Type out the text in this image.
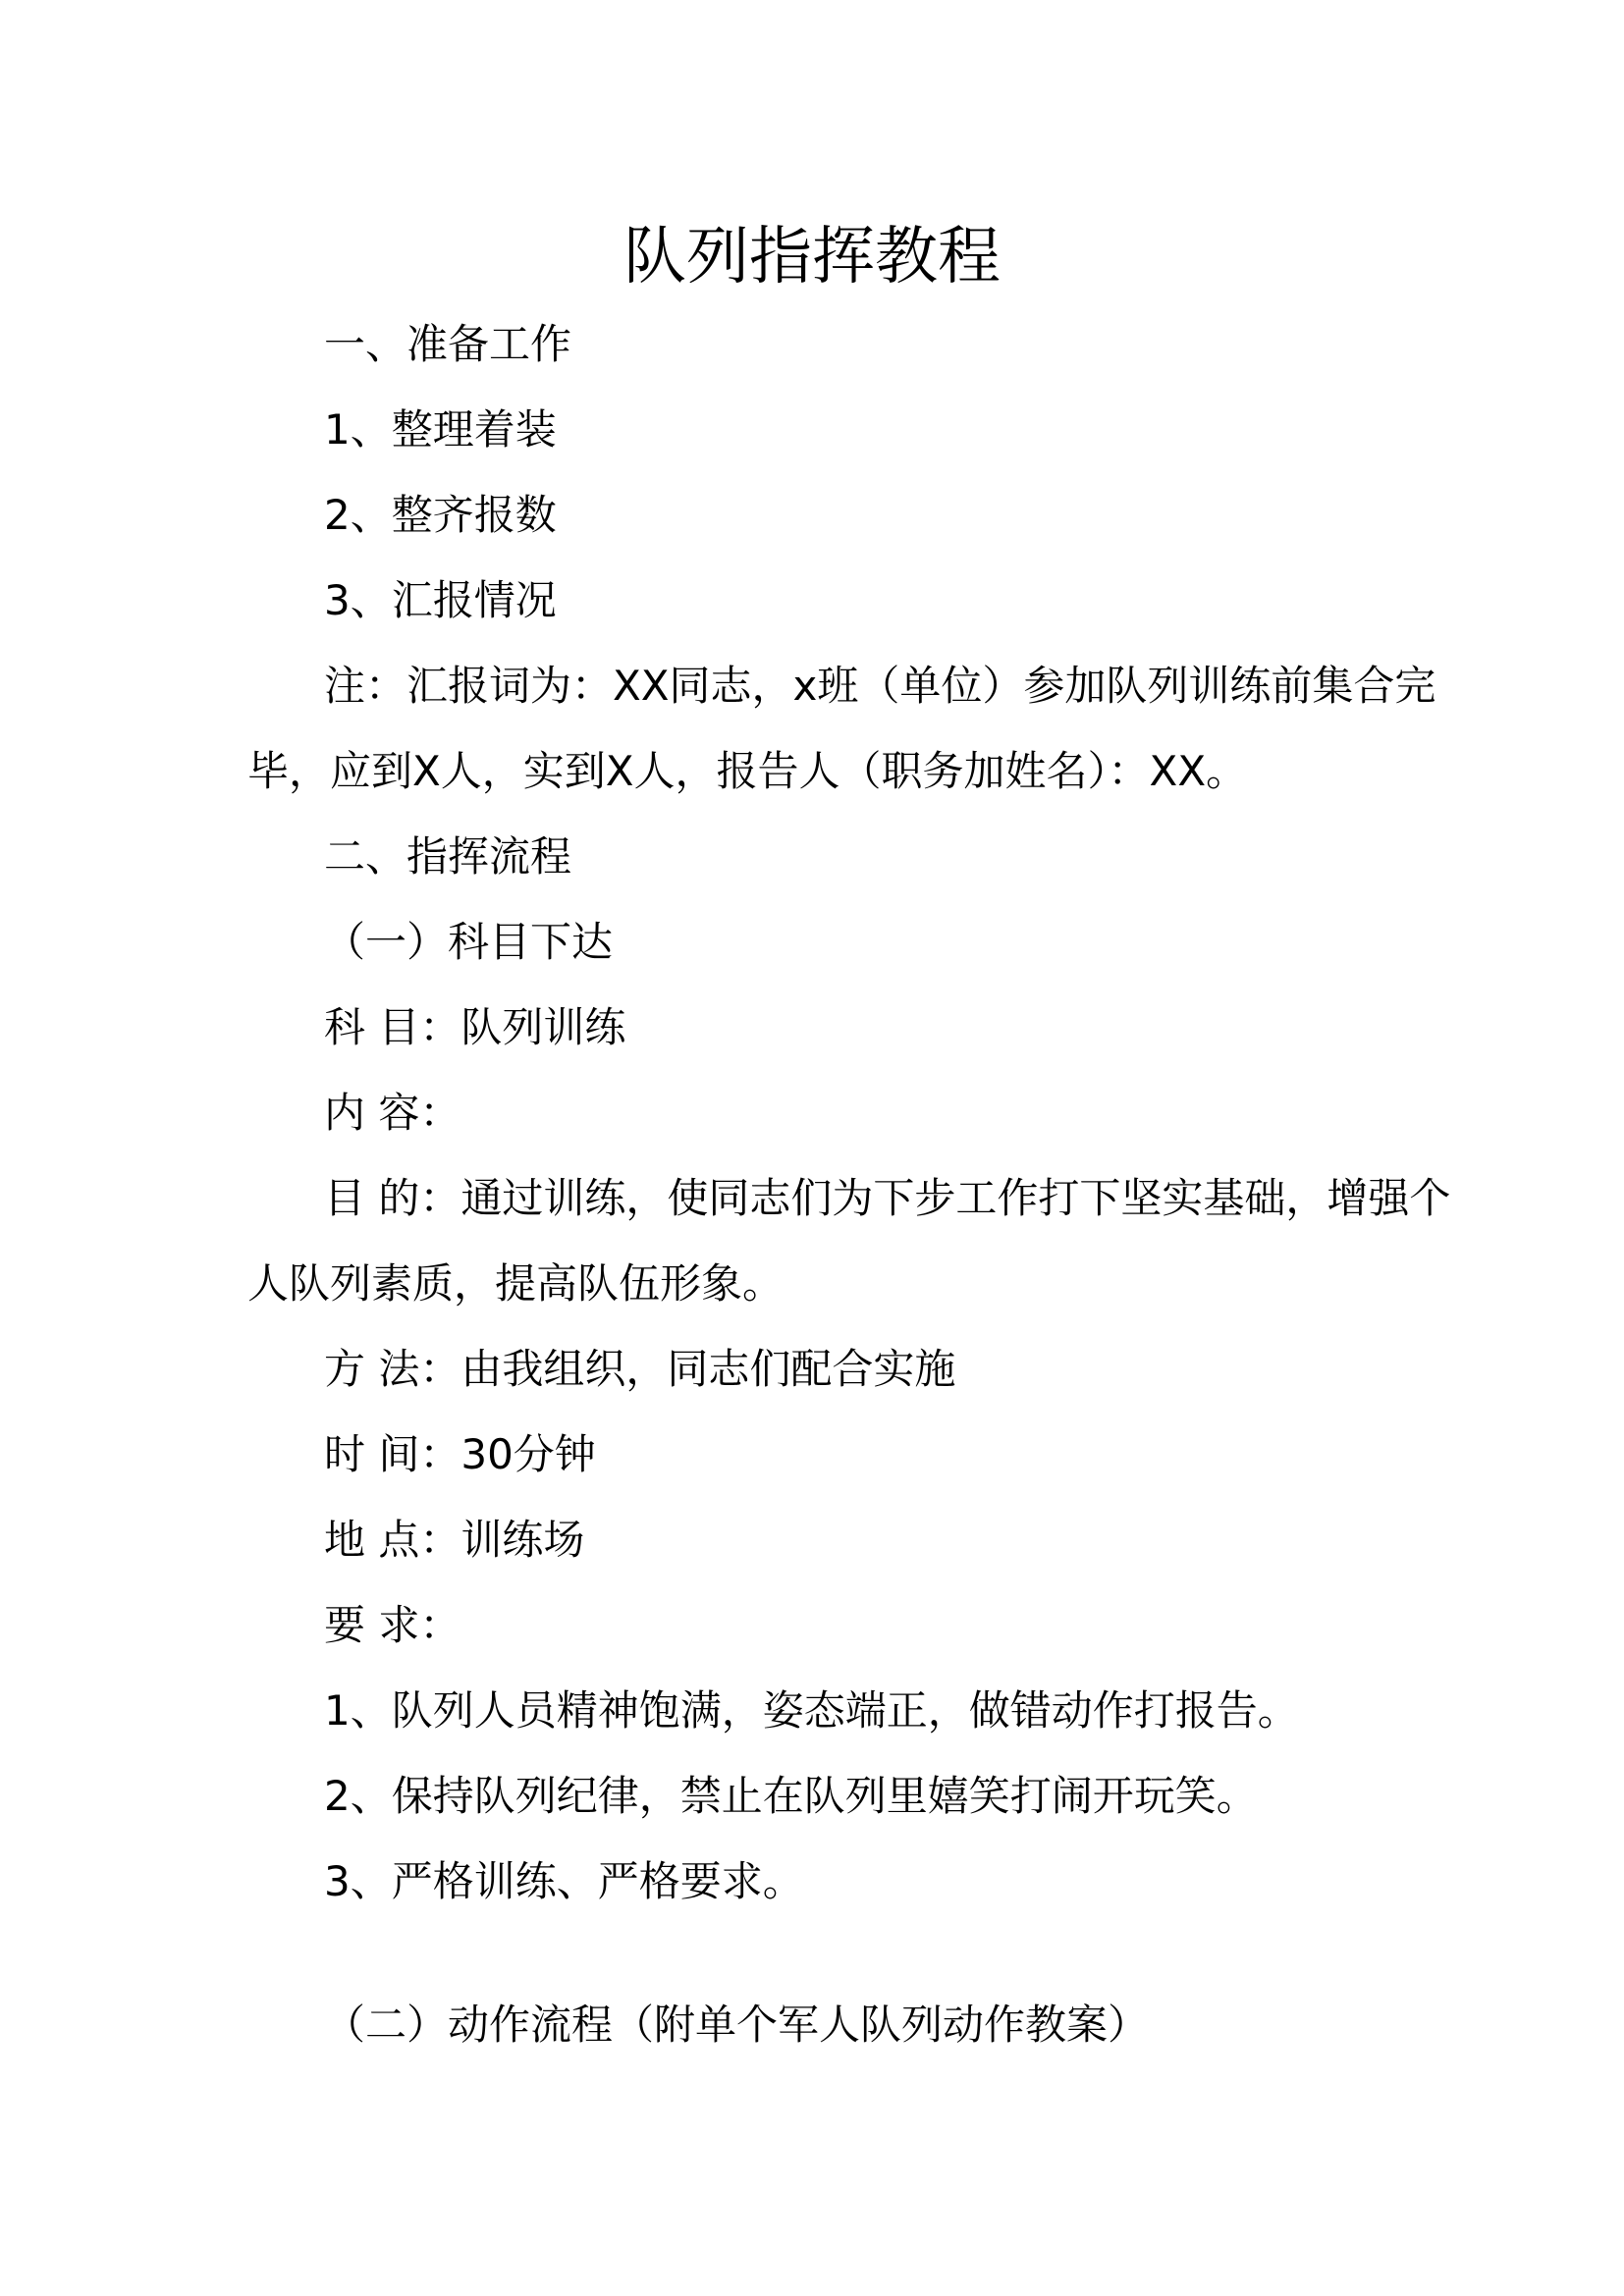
队列指挥教程
一、准备工作
1、整理着装
2、整齐报数
3、汇报情况
注：汇报词为：XX同志，x班（单位）参加队列训练前集合完
毕，应到X人，实到X人，报告人（职务加姓名）：XX。
二、指挥流程
（一）科目下达
科 目：队列训练
内 容：
目 的：通过训练，使同志们为下步工作打下坚实基础，增强个
人队列素质，提高队伍形象。
方 法：由我组织，同志们配合实施
时 间：30分钟
地 点：训练场
要 求：
1、队列人员精神饱满，姿态端正，做错动作打报告。
2、保持队列纪律，禁止在队列里嬉笑打闹开玩笑。
3、严格训练、严格要求。
（二）动作流程（附单个军人队列动作教案）
